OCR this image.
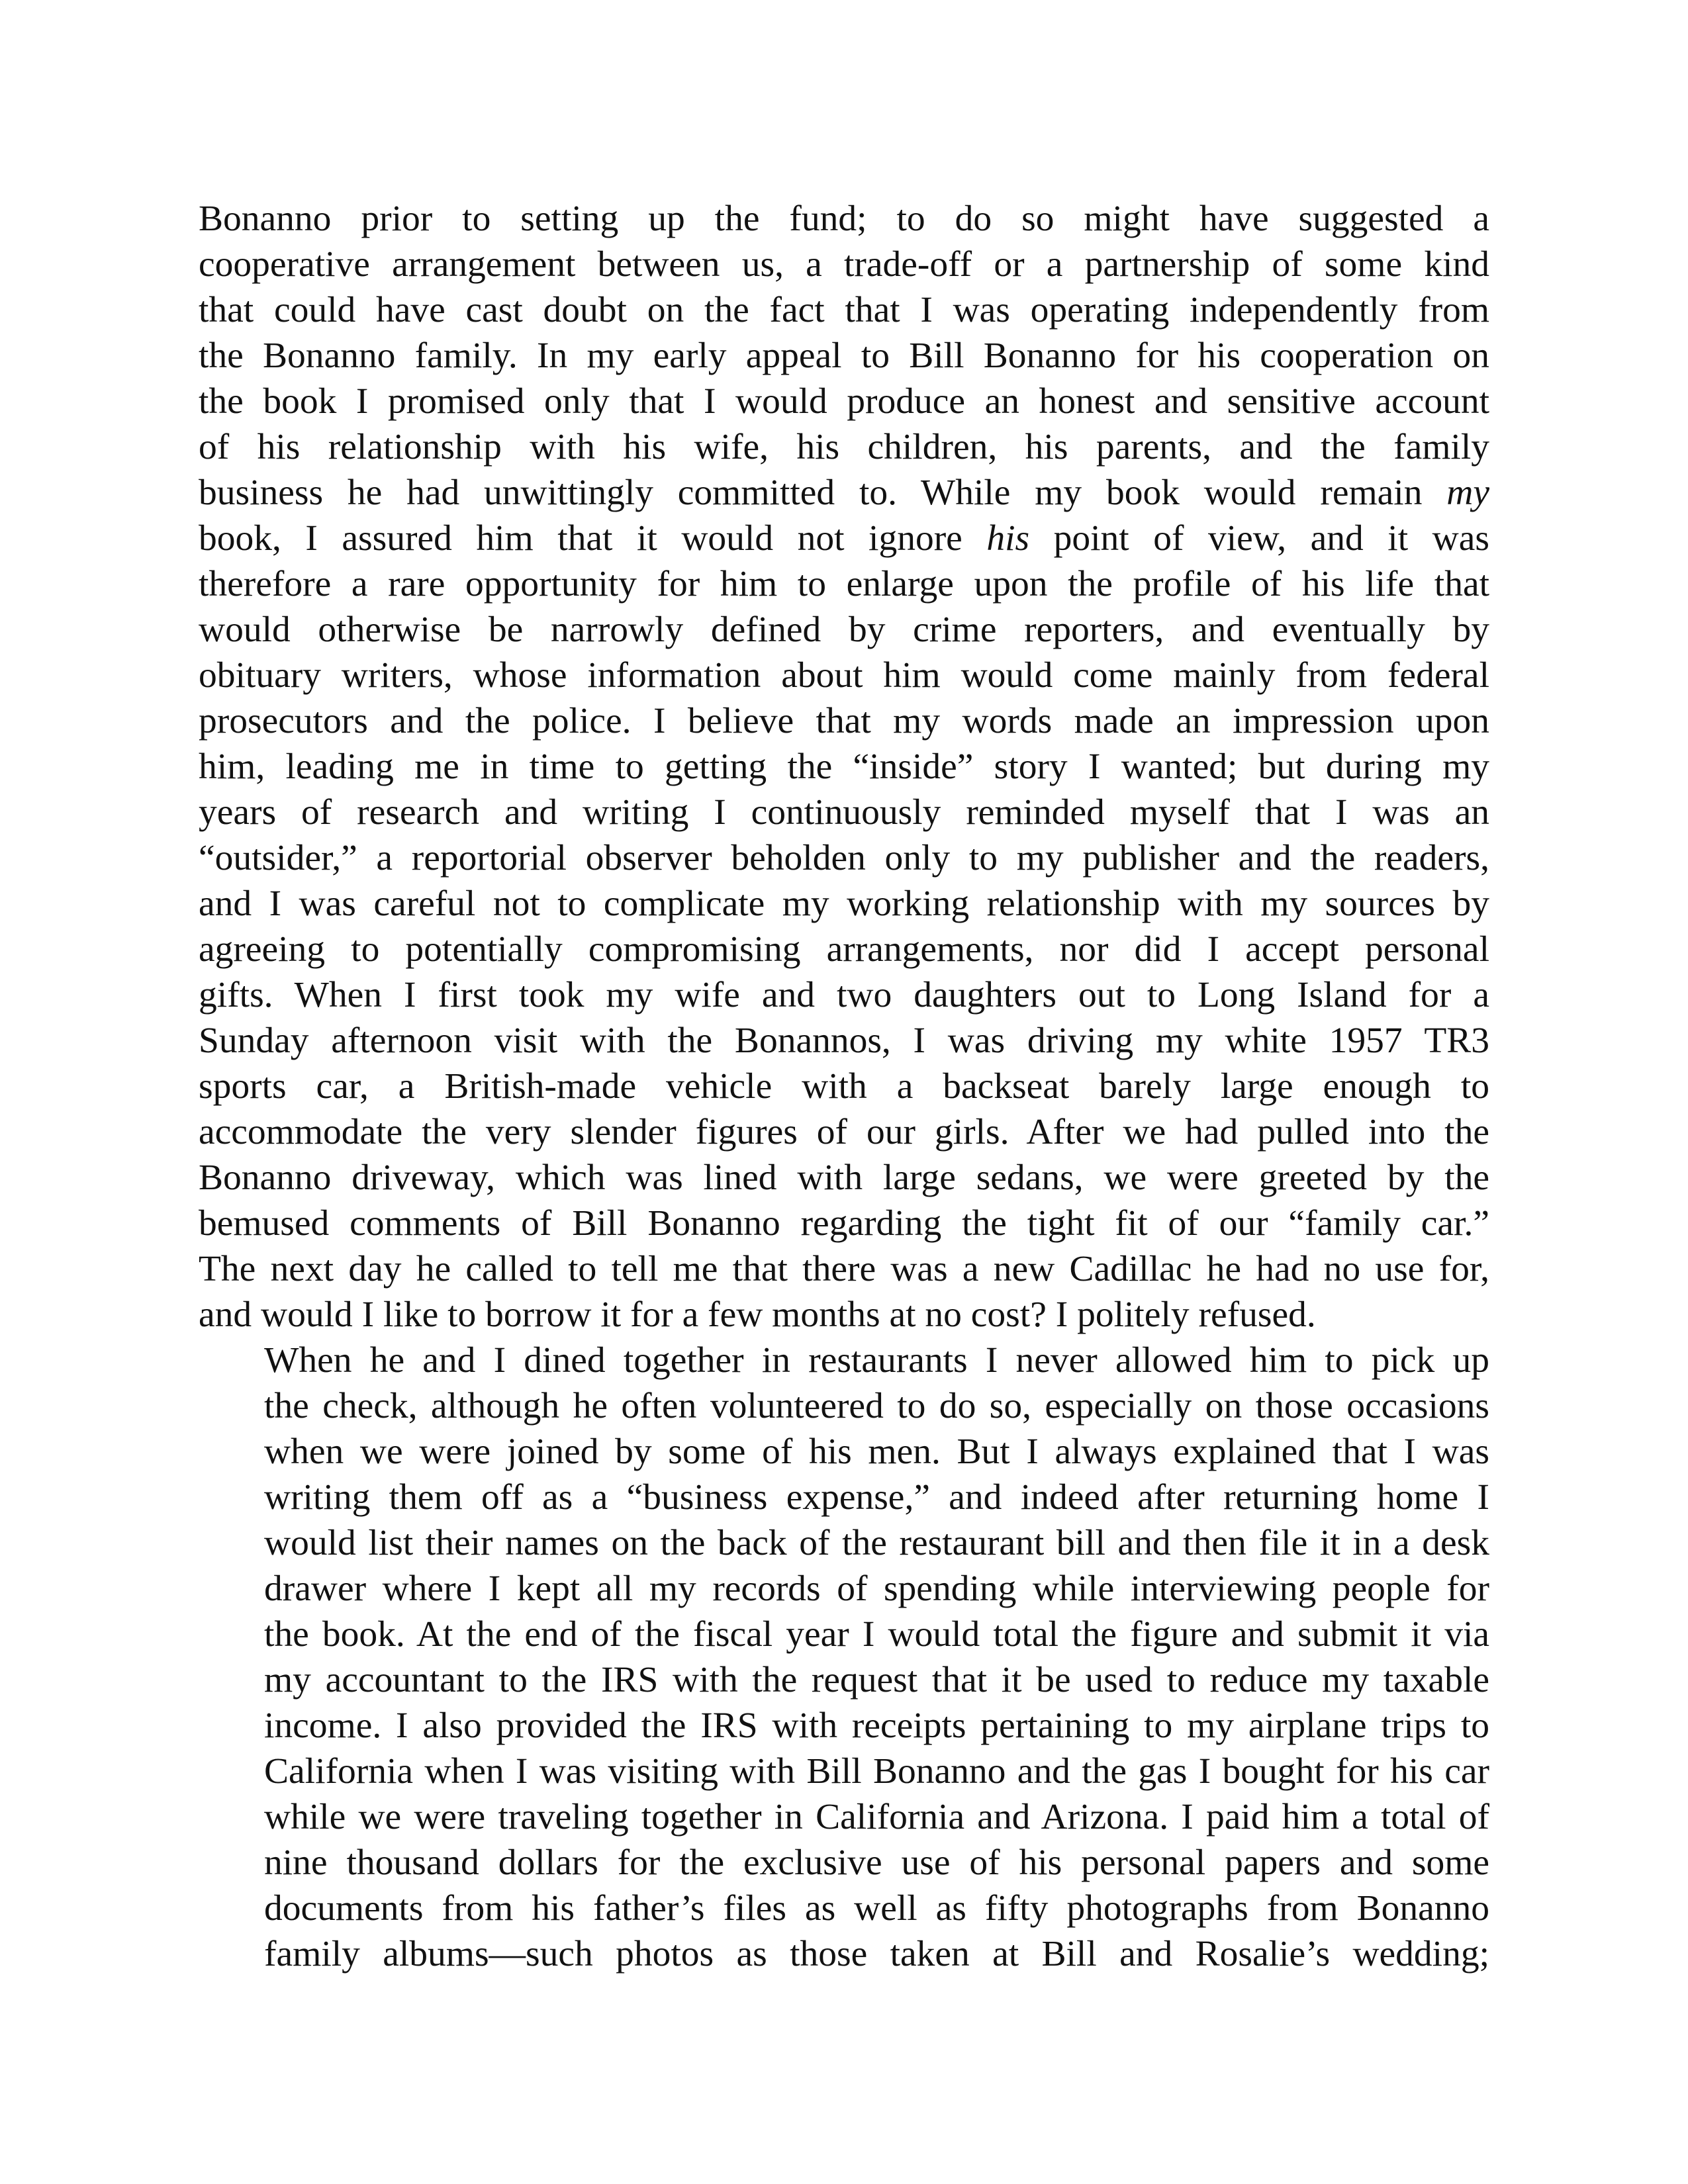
Bonanno prior to setting up the fund; to do so might have suggested a
cooperative arrangement between us, a trade-off or a partnership of some kind
that could have cast doubt on the fact that I was operating independently from
the Bonanno family. In my early appeal to Bill Bonanno for his cooperation on
the book I promised only that I would produce an honest and sensitive account
of his relationship with his wife, his children, his parents, and the family
business he had unwittingly committed to. While my book would remain my
book, I assured him that it would not ignore his point of view, and it was
therefore a rare opportunity for him to enlarge upon the profile of his life that
would otherwise be narrowly defined by crime reporters, and eventually by
obituary writers, whose information about him would come mainly from federal
prosecutors and the police. I believe that my words made an impression upon
him, leading me in time to getting the “inside” story I wanted; but during my
years of research and writing I continuously reminded myself that I was an
“outsider,” a reportorial observer beholden only to my publisher and the readers,
and I was careful not to complicate my working relationship with my sources by
agreeing to potentially compromising arrangements, nor did I accept personal
gifts. When I first took my wife and two daughters out to Long Island for a
Sunday afternoon visit with the Bonannos, I was driving my white 1957 TR3
sports car, a British-made vehicle with a backseat barely large enough to
accommodate the very slender figures of our girls. After we had pulled into the
Bonanno driveway, which was lined with large sedans, we were greeted by the
bemused comments of Bill Bonanno regarding the tight fit of our “family car.”
The next day he called to tell me that there was a new Cadillac he had no use for,
and would I like to borrow it for a few months at no cost? I politely refused.
When he and I dined together in restaurants I never allowed him to pick up
the check, although he often volunteered to do so, especially on those occasions
when we were joined by some of his men. But I always explained that I was
writing them off as a “business expense,” and indeed after returning home I
would list their names on the back of the restaurant bill and then file it in a desk
drawer where I kept all my records of spending while interviewing people for
the book. At the end of the fiscal year I would total the figure and submit it via
my accountant to the IRS with the request that it be used to reduce my taxable
income. I also provided the IRS with receipts pertaining to my airplane trips to
California when I was visiting with Bill Bonanno and the gas I bought for his car
while we were traveling together in California and Arizona. I paid him a total of
nine thousand dollars for the exclusive use of his personal papers and some
documents from his father’s files as well as fifty photographs from Bonanno
family albums—such photos as those taken at Bill and Rosalie’s wedding;
